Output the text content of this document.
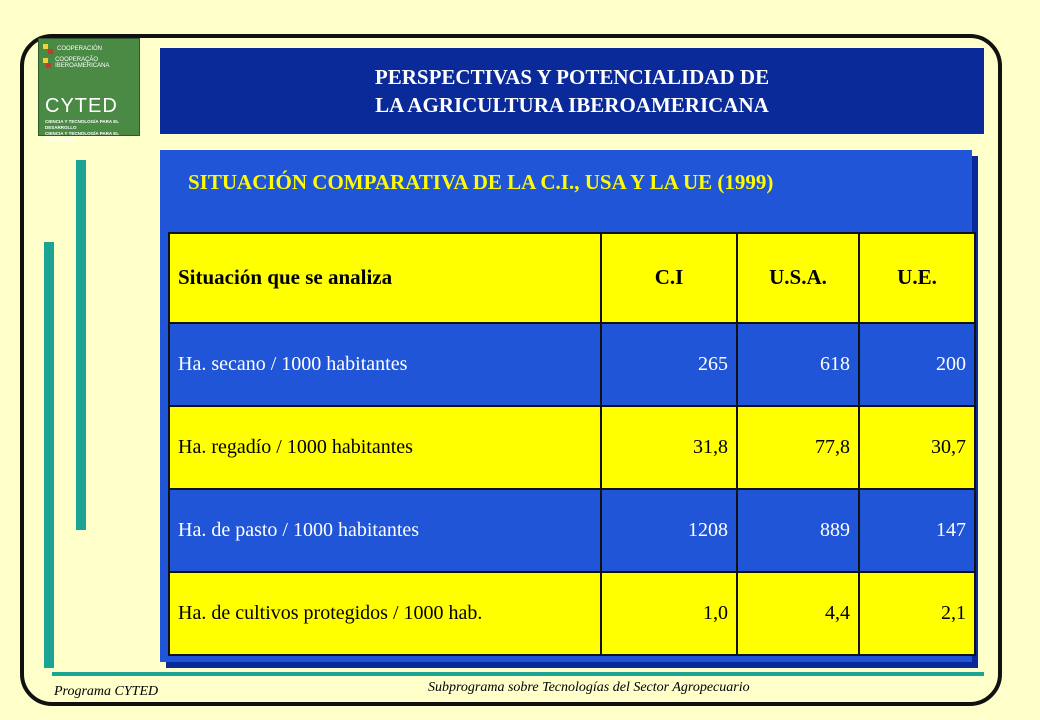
COOPERACIÓN
COOPERAÇÃO IBEROAMERICANA
CYTED
CIENCIA Y TECNOLOGÍA PARA EL DESARROLLO
CIENCIA Y TECNOLOGÍA PARA EL DESARROLLO
PERSPECTIVAS Y POTENCIALIDAD DE
LA AGRICULTURA IBEROAMERICANA
SITUACIÓN COMPARATIVA DE LA C.I., USA Y LA UE (1999)
Situación que se analiza	C.I	U.S.A.	U.E.
Ha. secano / 1000 habitantes	265	618	200
Ha. regadío / 1000 habitantes	31,8	77,8	30,7
Ha. de pasto / 1000 habitantes	1208	889	147
Ha. de cultivos protegidos / 1000 hab.	1,0	4,4	2,1
Programa CYTED	Subprograma sobre Tecnologías del Sector Agropecuario
